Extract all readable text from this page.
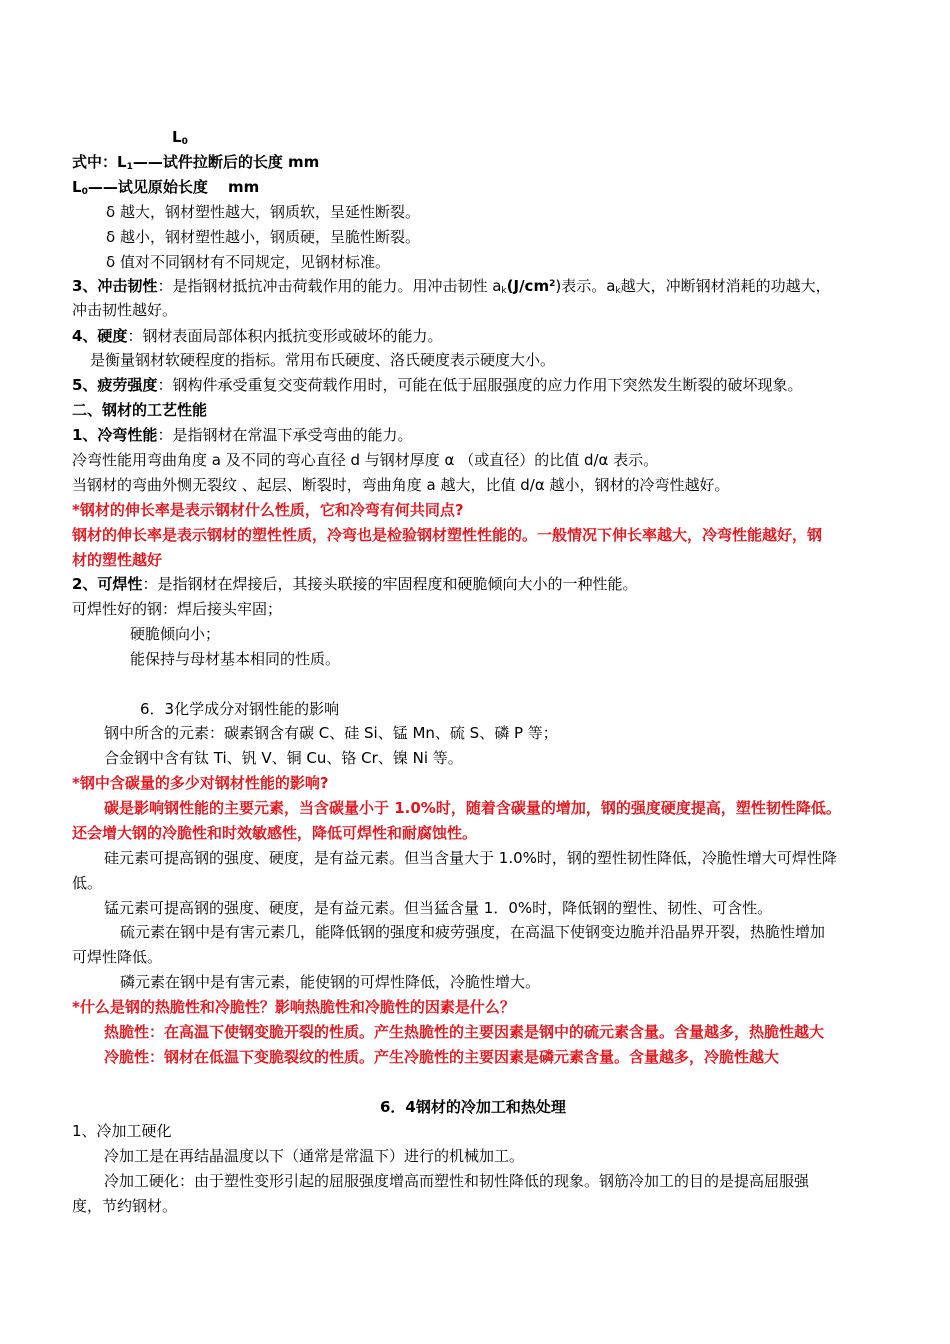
$L_0$
式中：$L_1——$试件拉断后的长度 mm
$L_0——$试见原始长度　 mm
δ 越大，钢材塑性越大，钢质软，呈延性断裂。
δ 越小，钢材塑性越小，钢质硬，呈脆性断裂。
δ 值对不同钢材有不同规定，见钢材标准。
3、冲击韧性：是指钢材抵抗冲击荷载作用的能力。用冲击韧性 $a_k(J/cm^2)$表示。$a_k$越大，冲断钢材消耗的功越大，
冲击韧性越好。
4、硬度：钢材表面局部体积内抵抗变形或破坏的能力。
是衡量钢材软硬程度的指标。常用布氏硬度、洛氏硬度表示硬度大小。
5、疲劳强度：钢构件承受重复交变荷载作用时，可能在低于屈服强度的应力作用下突然发生断裂的破坏现象。
二、钢材的工艺性能
1、冷弯性能：是指钢材在常温下承受弯曲的能力。
冷弯性能用弯曲角度 a 及不同的弯心直径 d 与钢材厚度 α （或直径）的比值 d/α 表示。
当钢材的弯曲外恻无裂纹 、起层、断裂时，弯曲角度 a 越大，比值 d/α 越小，钢材的冷弯性越好。
*钢材的伸长率是表示钢材什么性质，它和冷弯有何共同点?
钢材的伸长率是表示钢材的塑性性质，冷弯也是检验钢材塑性性能的。一般情况下伸长率越大，冷弯性能越好，钢
材的塑性越好
2、可焊性：是指钢材在焊接后，其接头联接的牢固程度和硬脆倾向大小的一种性能。
可焊性好的钢：焊后接头牢固；
硬脆倾向小；
能保持与母材基本相同的性质。
6．3化学成分对钢性能的影响
钢中所含的元素：碳素钢含有碳 C、硅 Si、锰 Mn、硫 S、磷 P 等；
合金钢中含有钛 Ti、钒 V、铜 Cu、铬 Cr、镍 Ni 等。
*钢中含碳量的多少对钢材性能的影响?
碳是影响钢性能的主要元素，当含碳量小于 1.0%时，随着含碳量的增加，钢的强度硬度提高，塑性韧性降低。
还会增大钢的冷脆性和时效敏感性，降低可焊性和耐腐蚀性。
硅元素可提高钢的强度、硬度，是有益元素。但当含量大于 1.0%时，钢的塑性韧性降低，冷脆性增大可焊性降
低。
锰元素可提高钢的强度、硬度，是有益元素。但当猛含量 1．0%时，降低钢的塑性、韧性、可含性。
硫元素在钢中是有害元素几，能降低钢的强度和疲劳强度，在高温下使钢变边脆并沿晶界开裂，热脆性增加
可焊性降低。
磷元素在钢中是有害元素，能使钢的可焊性降低，冷脆性增大。
*什么是钢的热脆性和冷脆性？影响热脆性和冷脆性的因素是什么？
热脆性：在高温下使钢变脆开裂的性质。产生热脆性的主要因素是钢中的硫元素含量。含量越多，热脆性越大
冷脆性：钢材在低温下变脆裂纹的性质。产生冷脆性的主要因素是磷元素含量。含量越多，冷脆性越大
6．4钢材的冷加工和热处理
1、冷加工硬化
冷加工是在再结晶温度以下（通常是常温下）进行的机械加工。
冷加工硬化：由于塑性变形引起的屈服强度增高而塑性和韧性降低的现象。钢筋冷加工的目的是提高屈服强
度，节约钢材。
